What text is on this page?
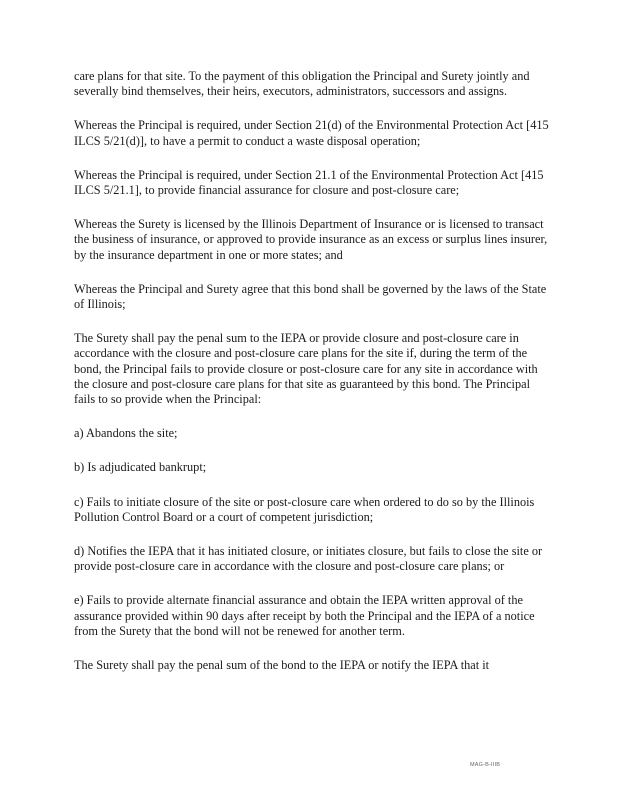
care plans for that site. To the payment of this obligation the Principal and Surety jointly and severally bind themselves, their heirs, executors, administrators, successors and assigns.

Whereas the Principal is required, under Section 21(d) of the Environmental Protection Act [415 ILCS 5/21(d)], to have a permit to conduct a waste disposal operation;

Whereas the Principal is required, under Section 21.1 of the Environmental Protection Act [415 ILCS 5/21.1], to provide financial assurance for closure and post-closure care;

Whereas the Surety is licensed by the Illinois Department of Insurance or is licensed to transact the business of insurance, or approved to provide insurance as an excess or surplus lines insurer, by the insurance department in one or more states; and

Whereas the Principal and Surety agree that this bond shall be governed by the laws of the State of Illinois;

The Surety shall pay the penal sum to the IEPA or provide closure and post-closure care in accordance with the closure and post-closure care plans for the site if, during the term of the bond, the Principal fails to provide closure or post-closure care for any site in accordance with the closure and post-closure care plans for that site as guaranteed by this bond. The Principal fails to so provide when the Principal:

a) Abandons the site;

b) Is adjudicated bankrupt;

c) Fails to initiate closure of the site or post-closure care when ordered to do so by the Illinois Pollution Control Board or a court of competent jurisdiction;

d) Notifies the IEPA that it has initiated closure, or initiates closure, but fails to close the site or provide post-closure care in accordance with the closure and post-closure care plans; or

e) Fails to provide alternate financial assurance and obtain the IEPA written approval of the assurance provided within 90 days after receipt by both the Principal and the IEPA of a notice from the Surety that the bond will not be renewed for another term.

The Surety shall pay the penal sum of the bond to the IEPA or notify the IEPA that it

MAG-B-IIIB
